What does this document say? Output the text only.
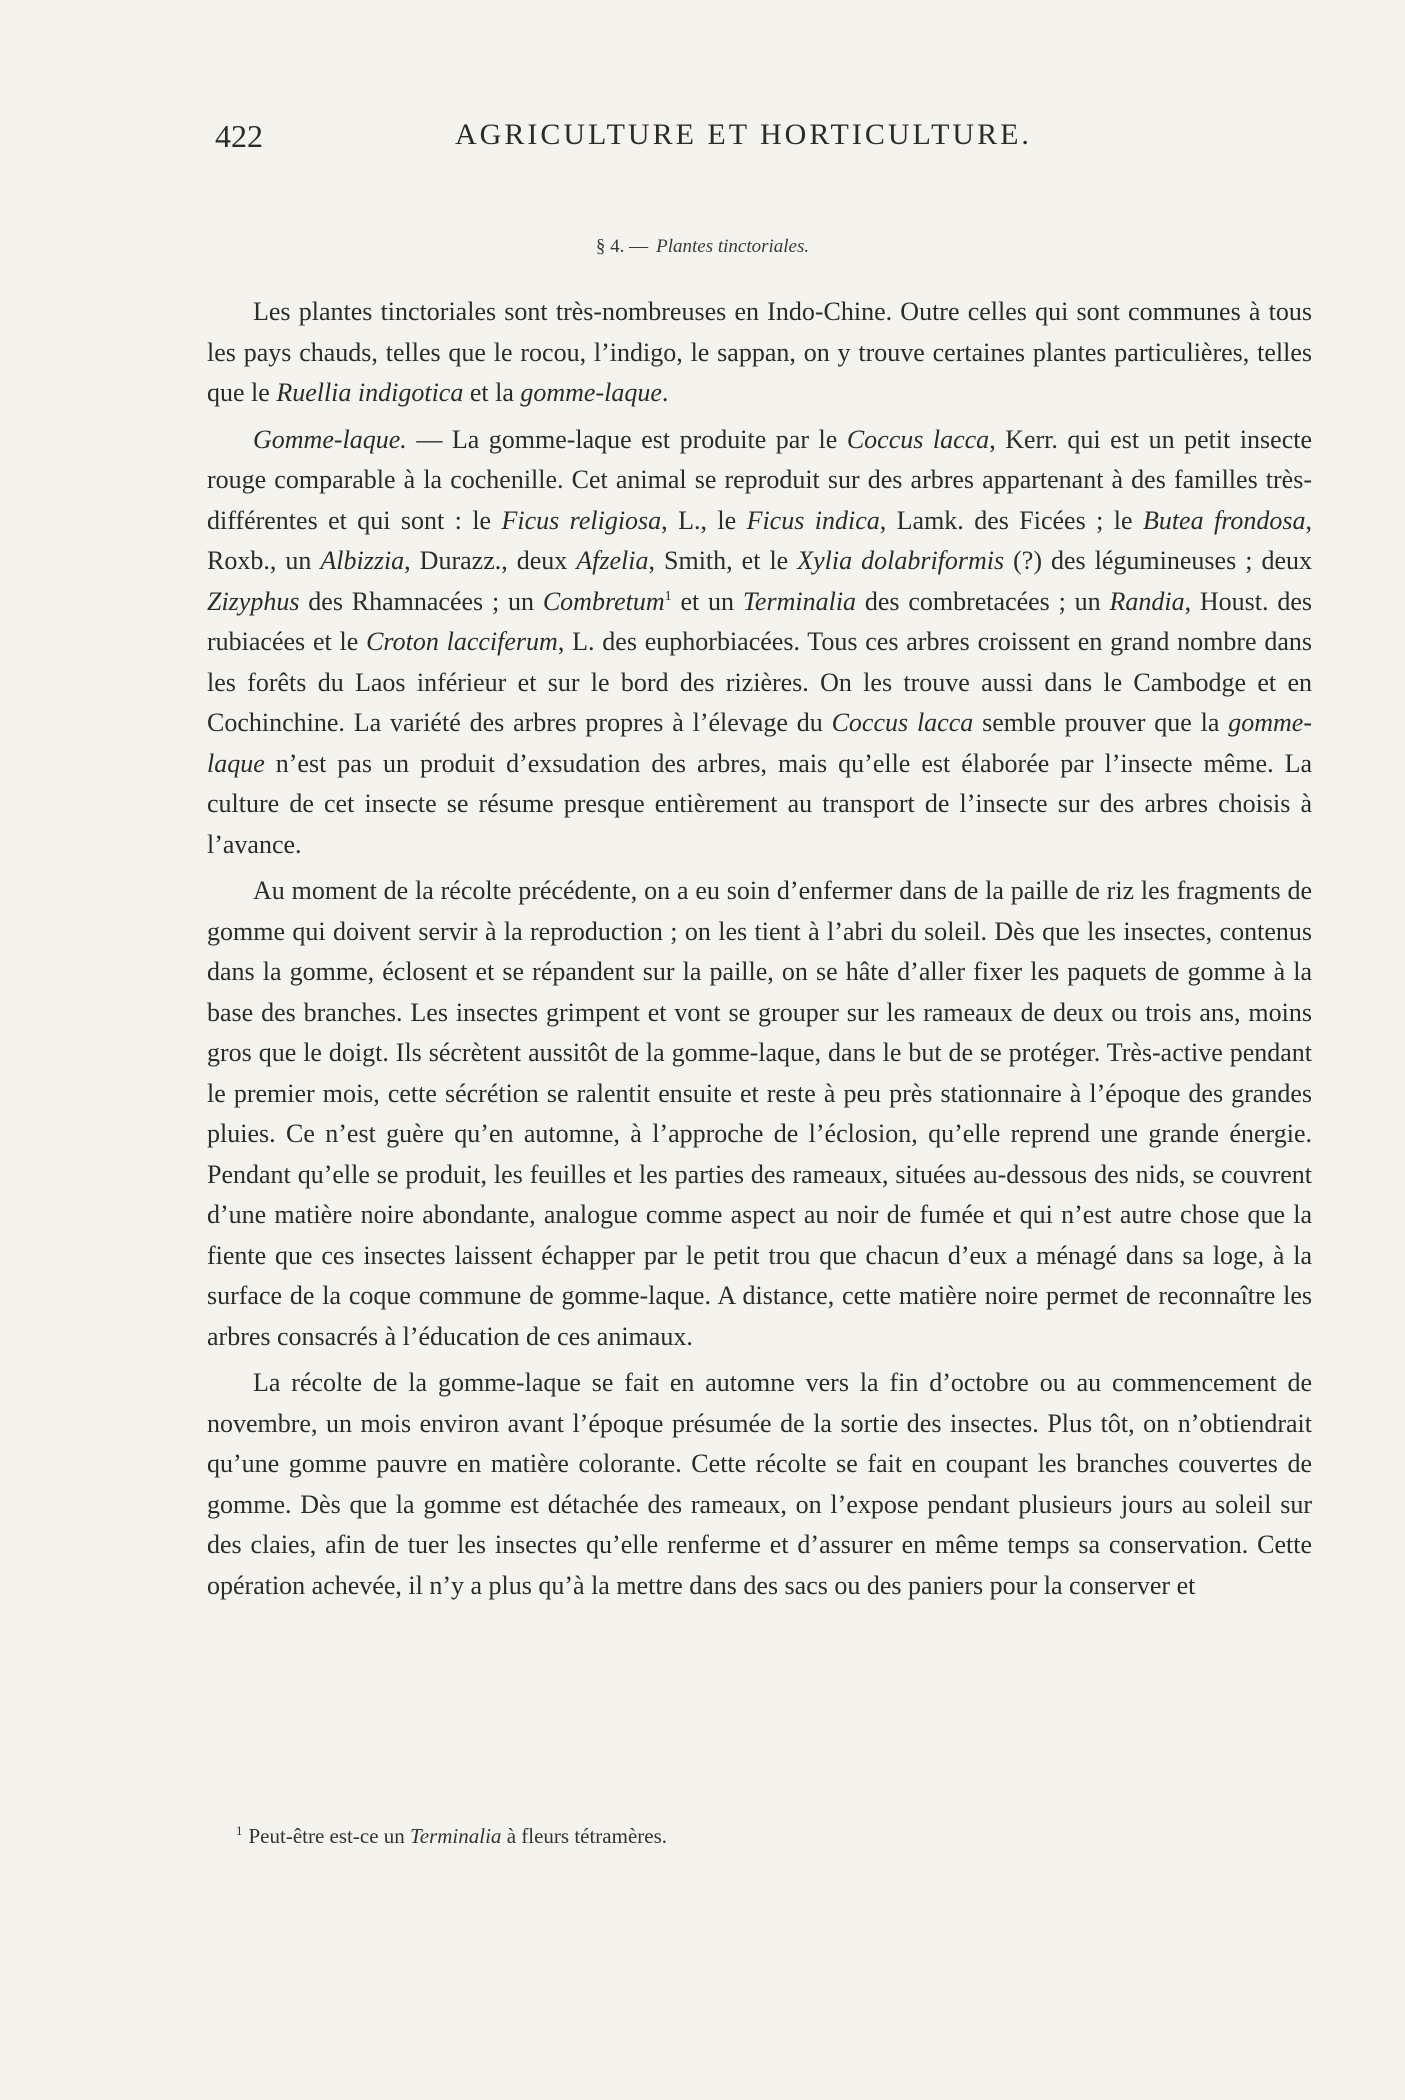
422	AGRICULTURE ET HORTICULTURE.
§ 4. — Plantes tinctoriales.

Les plantes tinctoriales sont très-nombreuses en Indo-Chine. Outre celles qui sont communes à tous les pays chauds, telles que le rocou, l’indigo, le sappan, on y trouve certaines plantes particulières, telles que le Ruellia indigotica et la gomme-laque.

Gomme-laque. — La gomme-laque est produite par le Coccus lacca, Kerr. qui est un petit insecte rouge comparable à la cochenille. Cet animal se reproduit sur des arbres appartenant à des familles très-différentes et qui sont : le Ficus religiosa, L., le Ficus indica, Lamk. des Ficées ; le Butea frondosa, Roxb., un Albizzia, Durazz., deux Afzelia, Smith, et le Xylia dolabriformis (?) des légumineuses ; deux Zizyphus des Rhamnacées ; un Combretum$^1$ et un Terminalia des combretacées ; un Randia, Houst. des rubiacées et le Croton lacciferum, L. des euphorbiacées. Tous ces arbres croissent en grand nombre dans les forêts du Laos inférieur et sur le bord des rizières. On les trouve aussi dans le Cambodge et en Cochinchine. La variété des arbres propres à l’élevage du Coccus lacca semble prouver que la gomme-laque n’est pas un produit d’exsudation des arbres, mais qu’elle est élaborée par l’insecte même. La culture de cet insecte se résume presque entièrement au transport de l’insecte sur des arbres choisis à l’avance.

Au moment de la récolte précédente, on a eu soin d’enfermer dans de la paille de riz les fragments de gomme qui doivent servir à la reproduction ; on les tient à l’abri du soleil. Dès que les insectes, contenus dans la gomme, éclosent et se répandent sur la paille, on se hâte d’aller fixer les paquets de gomme à la base des branches. Les insectes grimpent et vont se grouper sur les rameaux de deux ou trois ans, moins gros que le doigt. Ils sécrètent aussitôt de la gomme-laque, dans le but de se protéger. Très-active pendant le premier mois, cette sécrétion se ralentit ensuite et reste à peu près stationnaire à l’époque des grandes pluies. Ce n’est guère qu’en automne, à l’approche de l’éclosion, qu’elle reprend une grande énergie. Pendant qu’elle se produit, les feuilles et les parties des rameaux, situées au-dessous des nids, se couvrent d’une matière noire abondante, analogue comme aspect au noir de fumée et qui n’est autre chose que la fiente que ces insectes laissent échapper par le petit trou que chacun d’eux a ménagé dans sa loge, à la surface de la coque commune de gomme-laque. A distance, cette matière noire permet de reconnaître les arbres consacrés à l’éducation de ces animaux.

La récolte de la gomme-laque se fait en automne vers la fin d’octobre ou au commencement de novembre, un mois environ avant l’époque présumée de la sortie des insectes. Plus tôt, on n’obtiendrait qu’une gomme pauvre en matière colorante. Cette récolte se fait en coupant les branches couvertes de gomme. Dès que la gomme est détachée des rameaux, on l’expose pendant plusieurs jours au soleil sur des claies, afin de tuer les insectes qu’elle renferme et d’assurer en même temps sa conservation. Cette opération achevée, il n’y a plus qu’à la mettre dans des sacs ou des paniers pour la conserver et

$^1$ Peut-être est-ce un Terminalia à fleurs tétramères.
